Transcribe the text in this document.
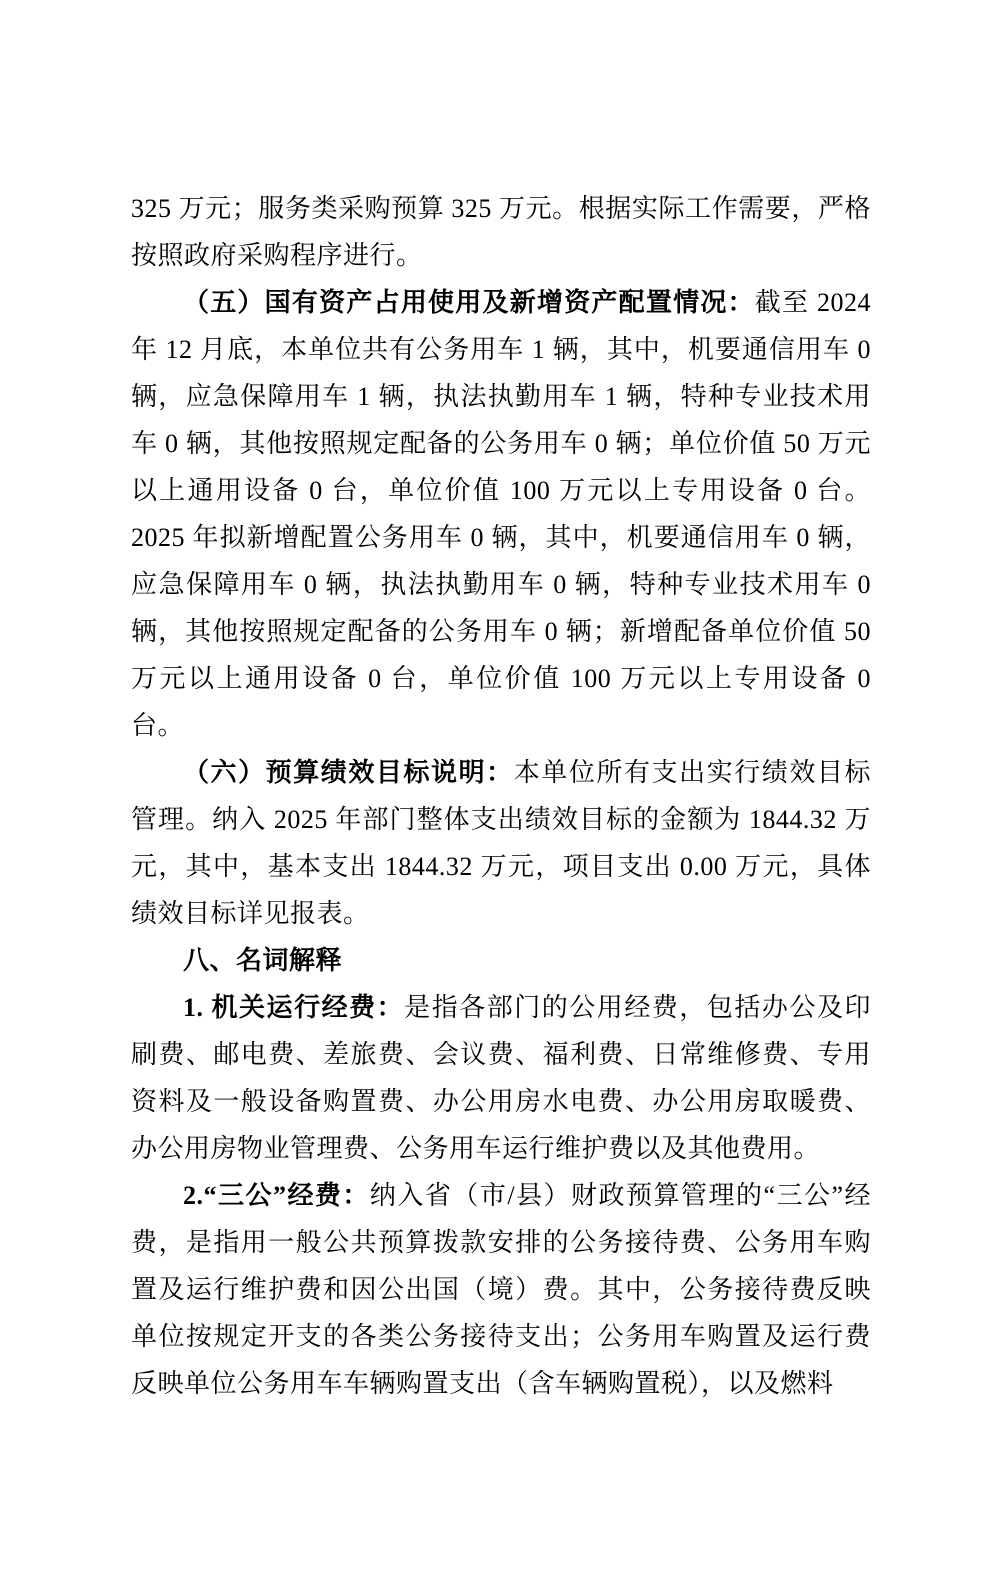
325 万元；服务类采购预算 325 万元。根据实际工作需要，严格按照政府采购程序进行。

（五）国有资产占用使用及新增资产配置情况：截至 2024 年 12 月底，本单位共有公务用车 1 辆，其中，机要通信用车 0 辆，应急保障用车 1 辆，执法执勤用车 1 辆，特种专业技术用车 0 辆，其他按照规定配备的公务用车 0 辆；单位价值 50 万元以上通用设备 0 台，单位价值 100 万元以上专用设备 0 台。2025 年拟新增配置公务用车 0 辆，其中，机要通信用车 0 辆，应急保障用车 0 辆，执法执勤用车 0 辆，特种专业技术用车 0 辆，其他按照规定配备的公务用车 0 辆；新增配备单位价值 50 万元以上通用设备 0 台，单位价值 100 万元以上专用设备 0 台。

（六）预算绩效目标说明：本单位所有支出实行绩效目标管理。纳入 2025 年部门整体支出绩效目标的金额为 1844.32 万元，其中，基本支出 1844.32 万元，项目支出 0.00 万元，具体绩效目标详见报表。

八、名词解释

1. 机关运行经费：是指各部门的公用经费，包括办公及印刷费、邮电费、差旅费、会议费、福利费、日常维修费、专用资料及一般设备购置费、办公用房水电费、办公用房取暖费、办公用房物业管理费、公务用车运行维护费以及其他费用。

2.“三公”经费：纳入省（市/县）财政预算管理的“三公”经费，是指用一般公共预算拨款安排的公务接待费、公务用车购置及运行维护费和因公出国（境）费。其中，公务接待费反映单位按规定开支的各类公务接待支出；公务用车购置及运行费反映单位公务用车车辆购置支出（含车辆购置税），以及燃料
